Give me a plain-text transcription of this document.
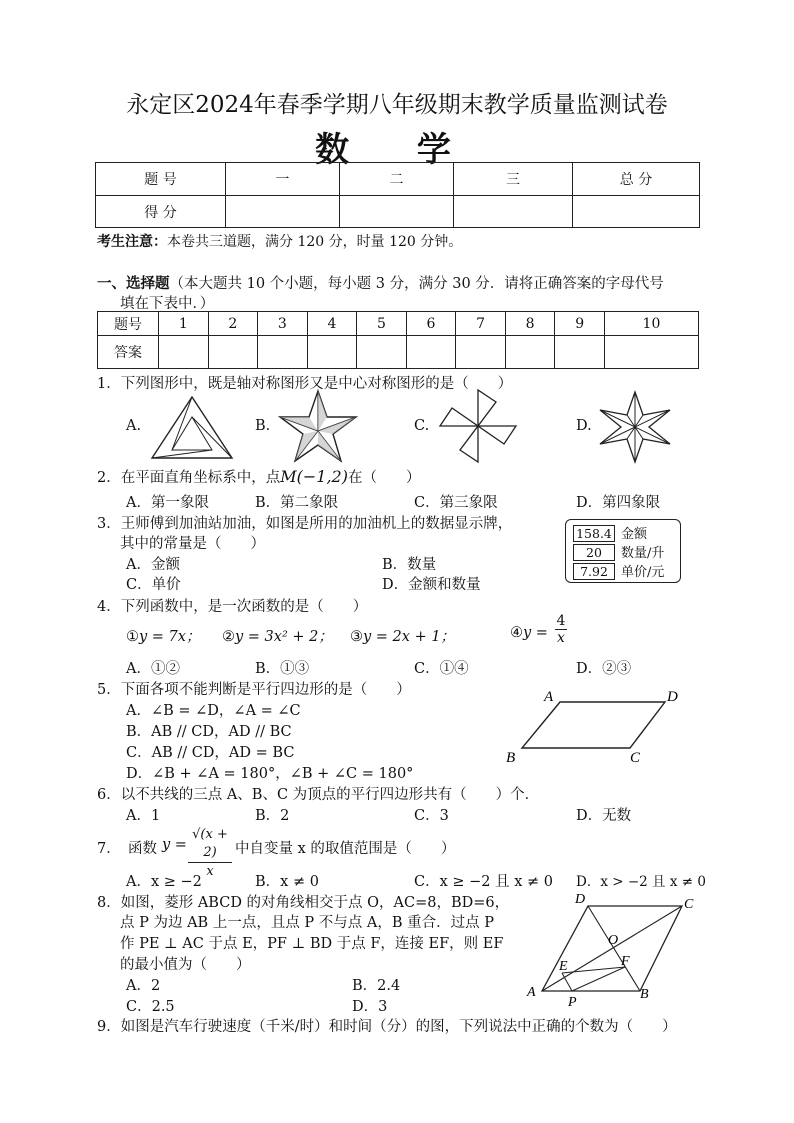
永定区2024年春季学期八年级期末教学质量监测试卷
数 学
题 号	一	二	三	总 分
得 分				
考生注意：本卷共三道题，满分 120 分，时量 120 分钟。
一、选择题（本大题共 10 个小题，每小题 3 分，满分 30 分．请将正确答案的字母代号
填在下表中．）
题号	1	2	3	4	5	6	7	8	9	10
答案										
1．下列图形中，既是轴对称图形又是中心对称图形的是（　　）
A.	B.	C.	D.
2．在平面直角坐标系中，点M(−1,2)在（　　）
A．第一象限	B．第二象限	C．第三象限	D．第四象限
3．王师傅到加油站加油，如图是所用的加油机上的数据显示牌，
其中的常量是（　　）
A．金额	B．数量
C．单价	D．金额和数量
158.4 金额
20 数量/升
7.92 单价/元
4．下列函数中，是一次函数的是（　　）
①y = 7x； ②y = 3x² + 2； ③y = 2x + 1；	④y = $\frac{4}{x}$
A．①②	B．①③	C．①④	D．②③
5．下面各项不能判断是平行四边形的是（　　）
A．∠B = ∠D，∠A = ∠C
B．AB // CD，AD // BC
C．AB // CD，AD = BC
D．∠B + ∠A = 180°，∠B + ∠C = 180°
A	D
B	C
6．以不共线的三点 A、B、C 为顶点的平行四边形共有（　　）个．
A．1	B．2	C．3	D．无数
7．　函数 $y = \frac{√(x + 2)}{x}$ 中自变量 x 的取值范围是（　　）
A．x ≥ −2	B．x ≠ 0	C．x ≥ −2 且 x ≠ 0 D．x > −2 且 x ≠ 0
8．如图，菱形 ABCD 的对角线相交于点 O，AC=8，BD=6，
点 P 为边 AB 上一点，且点 P 不与点 A，B 重合．过点 P
作 PE ⊥ AC 于点 E，PF ⊥ BD 于点 F，连接 EF，则 EF
的最小值为（　　）
A．2	B．2.4
C．2.5	D．3
D	C
O
E	F
A
P
B
9．如图是汽车行驶速度（千米/时）和时间（分）的图，下列说法中正确的个数为（　　）
